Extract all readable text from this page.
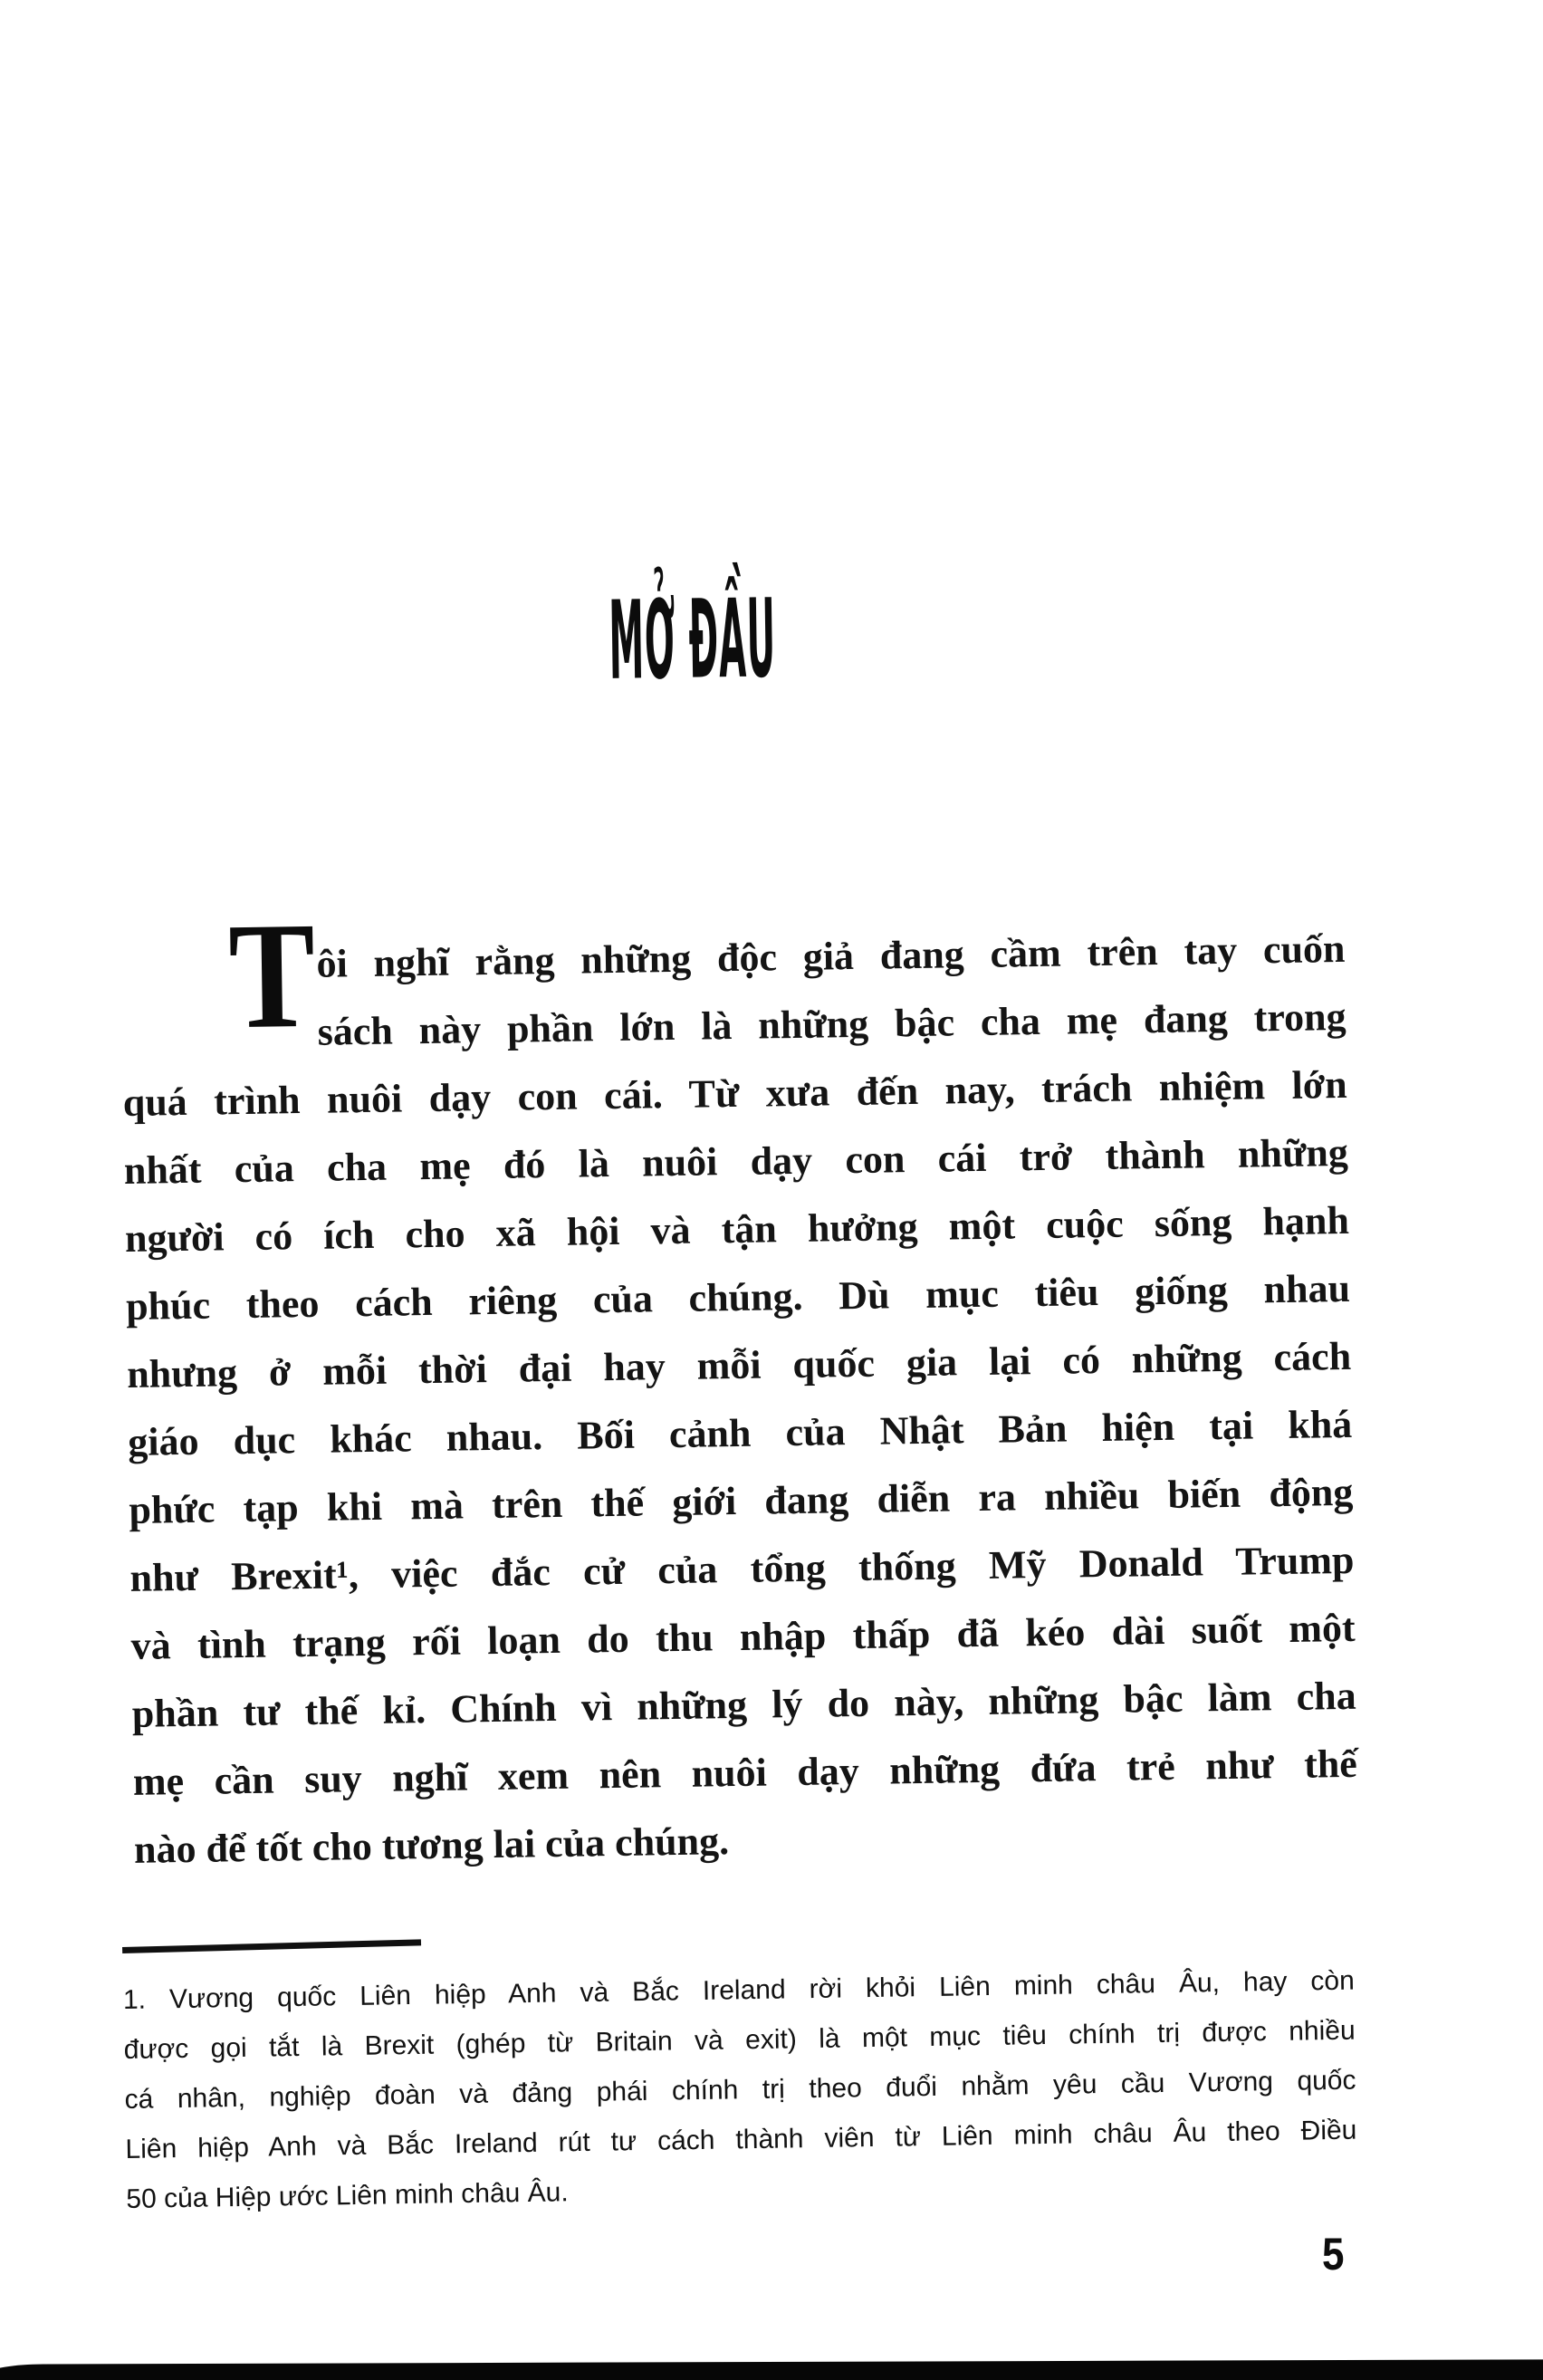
MỞ ĐẦU
T ôi nghĩ rằng những độc giả đang cầm trên tay cuốn
sách này phần lớn là những bậc cha mẹ đang trong
quá trình nuôi dạy con cái. Từ xưa đến nay, trách nhiệm lớn
nhất của cha mẹ đó là nuôi dạy con cái trở thành những
người có ích cho xã hội và tận hưởng một cuộc sống hạnh
phúc theo cách riêng của chúng. Dù mục tiêu giống nhau
nhưng ở mỗi thời đại hay mỗi quốc gia lại có những cách
giáo dục khác nhau. Bối cảnh của Nhật Bản hiện tại khá
phức tạp khi mà trên thế giới đang diễn ra nhiều biến động
như Brexit¹, việc đắc cử của tổng thống Mỹ Donald Trump
và tình trạng rối loạn do thu nhập thấp đã kéo dài suốt một
phần tư thế kỉ. Chính vì những lý do này, những bậc làm cha
mẹ cần suy nghĩ xem nên nuôi dạy những đứa trẻ như thế
nào để tốt cho tương lai của chúng.
1. Vương quốc Liên hiệp Anh và Bắc Ireland rời khỏi Liên minh châu Âu, hay còn
được gọi tắt là Brexit (ghép từ Britain và exit) là một mục tiêu chính trị được nhiều
cá nhân, nghiệp đoàn và đảng phái chính trị theo đuổi nhằm yêu cầu Vương quốc
Liên hiệp Anh và Bắc Ireland rút tư cách thành viên từ Liên minh châu Âu theo Điều
50 của Hiệp ước Liên minh châu Âu.
5
